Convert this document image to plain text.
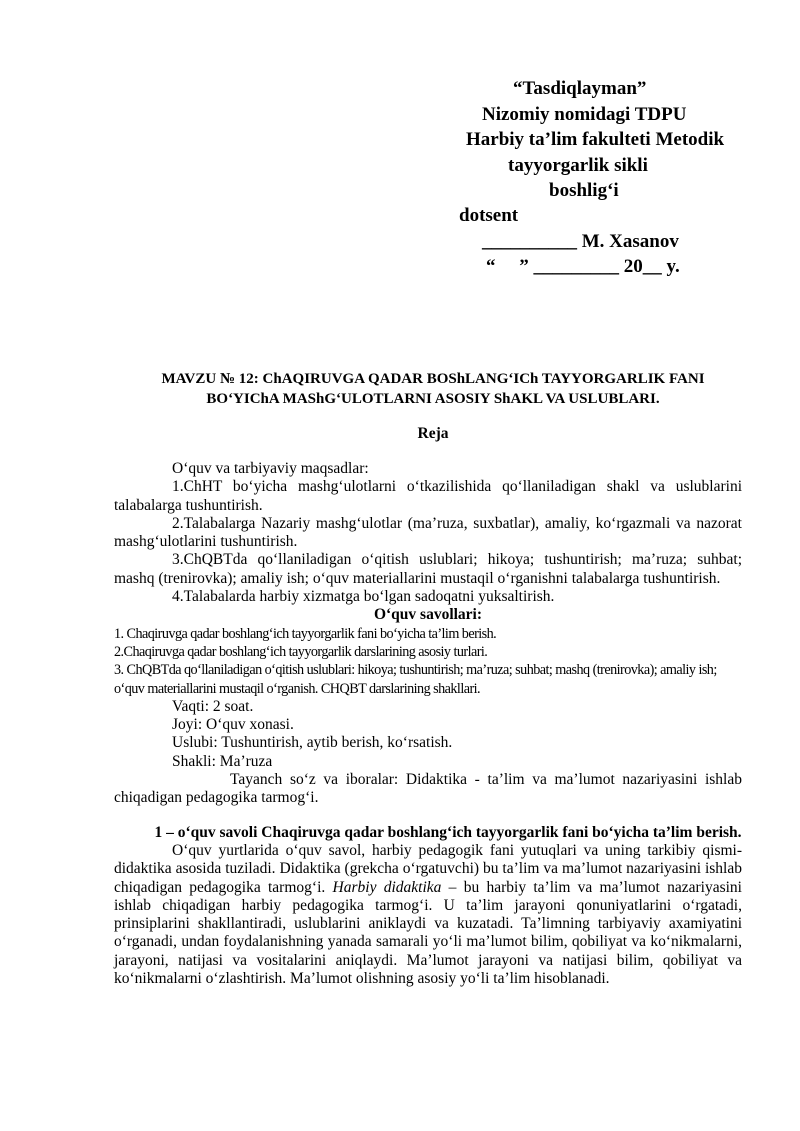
“Tasdiqlayman”
Nizomiy nomidagi TDPU
Harbiy ta’lim fakulteti Metodik
tayyorgarlik sikli
boshlig‘i
dotsent
__________ M. Xasanov
“     ” _________ 20__ y.
MAVZU № 12: ChAQIRUVGA QADAR BOShLANG‘ICh TAYYORGARLIK FANI
BO‘YIChA MAShG‘ULOTLARNI ASOSIY ShAKL VA USLUBLARI.
Reja

O‘quv va tarbiyaviy maqsadlar:

1.ChHT bo‘yicha mashg‘ulotlarni o‘tkazilishida qo‘llaniladigan shakl va uslublarini talabalarga tushuntirish.

2.Talabalarga Nazariy mashg‘ulotlar (ma’ruza, suxbatlar), amaliy, ko‘rgazmali va nazorat mashg‘ulotlarini tushuntirish.

3.ChQBTda qo‘llaniladigan o‘qitish uslublari; hikoya; tushuntirish; ma’ruza; suhbat; mashq (trenirovka); amaliy ish; o‘quv materiallarini mustaqil o‘rganishni talabalarga tushuntirish.

4.Talabalarda harbiy xizmatga bo‘lgan sadoqatni yuksaltirish.

O‘quv savollari:

1. Chaqiruvga qadar boshlang‘ich tayyorgarlik fani bo‘yicha ta’lim berish.

2.Chaqiruvga qadar boshlang‘ich tayyorgarlik darslarining asosiy turlari.

3. ChQBTda qo‘llaniladigan o‘qitish uslublari: hikoya; tushuntirish; ma’ruza; suhbat; mashq (trenirovka); amaliy ish; o‘quv materiallarini mustaqil o‘rganish. CHQBT darslarining shakllari.

Vaqti: 2 soat.

Joyi: O‘quv xonasi.

Uslubi: Tushuntirish, aytib berish, ko‘rsatish.

Shakli: Ma’ruza

Tayanch so‘z va iboralar: Didaktika - ta’lim va ma’lumot nazariyasini ishlab chiqadigan pedagogika tarmog‘i.

1 – o‘quv savoli Chaqiruvga qadar boshlang‘ich tayyorgarlik fani bo‘yicha ta’lim berish.

O‘quv yurtlarida o‘quv savol, harbiy pedagogik fani yutuqlari va uning tarkibiy qismi-didaktika asosida tuziladi. Didaktika (grekcha o‘rgatuvchi) bu ta’lim va ma’lumot nazariyasini ishlab chiqadigan pedagogika tarmog‘i. Harbiy didaktika – bu harbiy ta’lim va ma’lumot nazariyasini ishlab chiqadigan harbiy pedagogika tarmog‘i. U ta’lim jarayoni qonuniyatlarini o‘rgatadi, prinsiplarini shakllantiradi, uslublarini aniklaydi va kuzatadi. Ta’limning tarbiyaviy axamiyatini o‘rganadi, undan foydalanishning yanada samarali yo‘li ma’lumot bilim, qobiliyat va ko‘nikmalarni, jarayoni, natijasi va vositalarini aniqlaydi. Ma’lumot jarayoni va natijasi bilim, qobiliyat va ko‘nikmalarni o‘zlashtirish. Ma’lumot olishning asosiy yo‘li ta’lim hisoblanadi.
